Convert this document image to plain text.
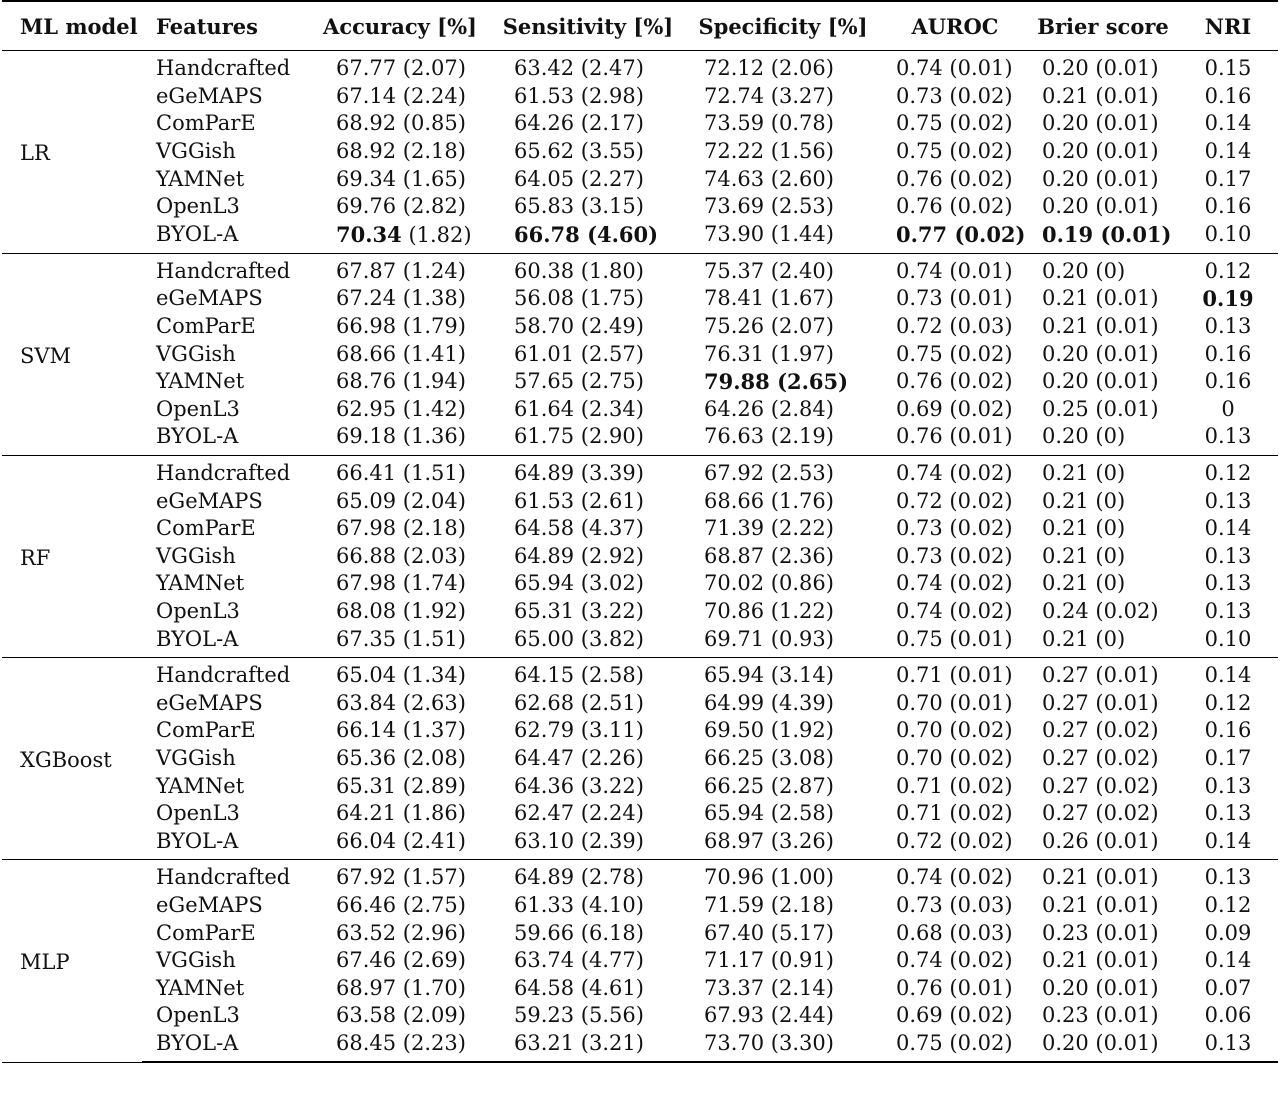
ML model	Features	Accuracy [%]	Sensitivity [%]	Specificity [%]	AUROC	Brier score	NRI
LR	Handcrafted	67.77 (2.07)	63.42 (2.47)	72.12 (2.06)	0.74 (0.01)	0.20 (0.01)	0.15
	eGeMAPS	67.14 (2.24)	61.53 (2.98)	72.74 (3.27)	0.73 (0.02)	0.21 (0.01)	0.16
	ComParE	68.92 (0.85)	64.26 (2.17)	73.59 (0.78)	0.75 (0.02)	0.20 (0.01)	0.14
	VGGish	68.92 (2.18)	65.62 (3.55)	72.22 (1.56)	0.75 (0.02)	0.20 (0.01)	0.14
	YAMNet	69.34 (1.65)	64.05 (2.27)	74.63 (2.60)	0.76 (0.02)	0.20 (0.01)	0.17
	OpenL3	69.76 (2.82)	65.83 (3.15)	73.69 (2.53)	0.76 (0.02)	0.20 (0.01)	0.16
	BYOL-A	70.34 (1.82)	66.78 (4.60)	73.90 (1.44)	0.77 (0.02)	0.19 (0.01)	0.10
SVM	Handcrafted	67.87 (1.24)	60.38 (1.80)	75.37 (2.40)	0.74 (0.01)	0.20 (0)	0.12
	eGeMAPS	67.24 (1.38)	56.08 (1.75)	78.41 (1.67)	0.73 (0.01)	0.21 (0.01)	0.19
	ComParE	66.98 (1.79)	58.70 (2.49)	75.26 (2.07)	0.72 (0.03)	0.21 (0.01)	0.13
	VGGish	68.66 (1.41)	61.01 (2.57)	76.31 (1.97)	0.75 (0.02)	0.20 (0.01)	0.16
	YAMNet	68.76 (1.94)	57.65 (2.75)	79.88 (2.65)	0.76 (0.02)	0.20 (0.01)	0.16
	OpenL3	62.95 (1.42)	61.64 (2.34)	64.26 (2.84)	0.69 (0.02)	0.25 (0.01)	0
	BYOL-A	69.18 (1.36)	61.75 (2.90)	76.63 (2.19)	0.76 (0.01)	0.20 (0)	0.13
RF	Handcrafted	66.41 (1.51)	64.89 (3.39)	67.92 (2.53)	0.74 (0.02)	0.21 (0)	0.12
	eGeMAPS	65.09 (2.04)	61.53 (2.61)	68.66 (1.76)	0.72 (0.02)	0.21 (0)	0.13
	ComParE	67.98 (2.18)	64.58 (4.37)	71.39 (2.22)	0.73 (0.02)	0.21 (0)	0.14
	VGGish	66.88 (2.03)	64.89 (2.92)	68.87 (2.36)	0.73 (0.02)	0.21 (0)	0.13
	YAMNet	67.98 (1.74)	65.94 (3.02)	70.02 (0.86)	0.74 (0.02)	0.21 (0)	0.13
	OpenL3	68.08 (1.92)	65.31 (3.22)	70.86 (1.22)	0.74 (0.02)	0.24 (0.02)	0.13
	BYOL-A	67.35 (1.51)	65.00 (3.82)	69.71 (0.93)	0.75 (0.01)	0.21 (0)	0.10
XGBoost	Handcrafted	65.04 (1.34)	64.15 (2.58)	65.94 (3.14)	0.71 (0.01)	0.27 (0.01)	0.14
	eGeMAPS	63.84 (2.63)	62.68 (2.51)	64.99 (4.39)	0.70 (0.01)	0.27 (0.01)	0.12
	ComParE	66.14 (1.37)	62.79 (3.11)	69.50 (1.92)	0.70 (0.02)	0.27 (0.02)	0.16
	VGGish	65.36 (2.08)	64.47 (2.26)	66.25 (3.08)	0.70 (0.02)	0.27 (0.02)	0.17
	YAMNet	65.31 (2.89)	64.36 (3.22)	66.25 (2.87)	0.71 (0.02)	0.27 (0.02)	0.13
	OpenL3	64.21 (1.86)	62.47 (2.24)	65.94 (2.58)	0.71 (0.02)	0.27 (0.02)	0.13
	BYOL-A	66.04 (2.41)	63.10 (2.39)	68.97 (3.26)	0.72 (0.02)	0.26 (0.01)	0.14
MLP	Handcrafted	67.92 (1.57)	64.89 (2.78)	70.96 (1.00)	0.74 (0.02)	0.21 (0.01)	0.13
	eGeMAPS	66.46 (2.75)	61.33 (4.10)	71.59 (2.18)	0.73 (0.03)	0.21 (0.01)	0.12
	ComParE	63.52 (2.96)	59.66 (6.18)	67.40 (5.17)	0.68 (0.03)	0.23 (0.01)	0.09
	VGGish	67.46 (2.69)	63.74 (4.77)	71.17 (0.91)	0.74 (0.02)	0.21 (0.01)	0.14
	YAMNet	68.97 (1.70)	64.58 (4.61)	73.37 (2.14)	0.76 (0.01)	0.20 (0.01)	0.07
	OpenL3	63.58 (2.09)	59.23 (5.56)	67.93 (2.44)	0.69 (0.02)	0.23 (0.01)	0.06
	BYOL-A	68.45 (2.23)	63.21 (3.21)	73.70 (3.30)	0.75 (0.02)	0.20 (0.01)	0.13
